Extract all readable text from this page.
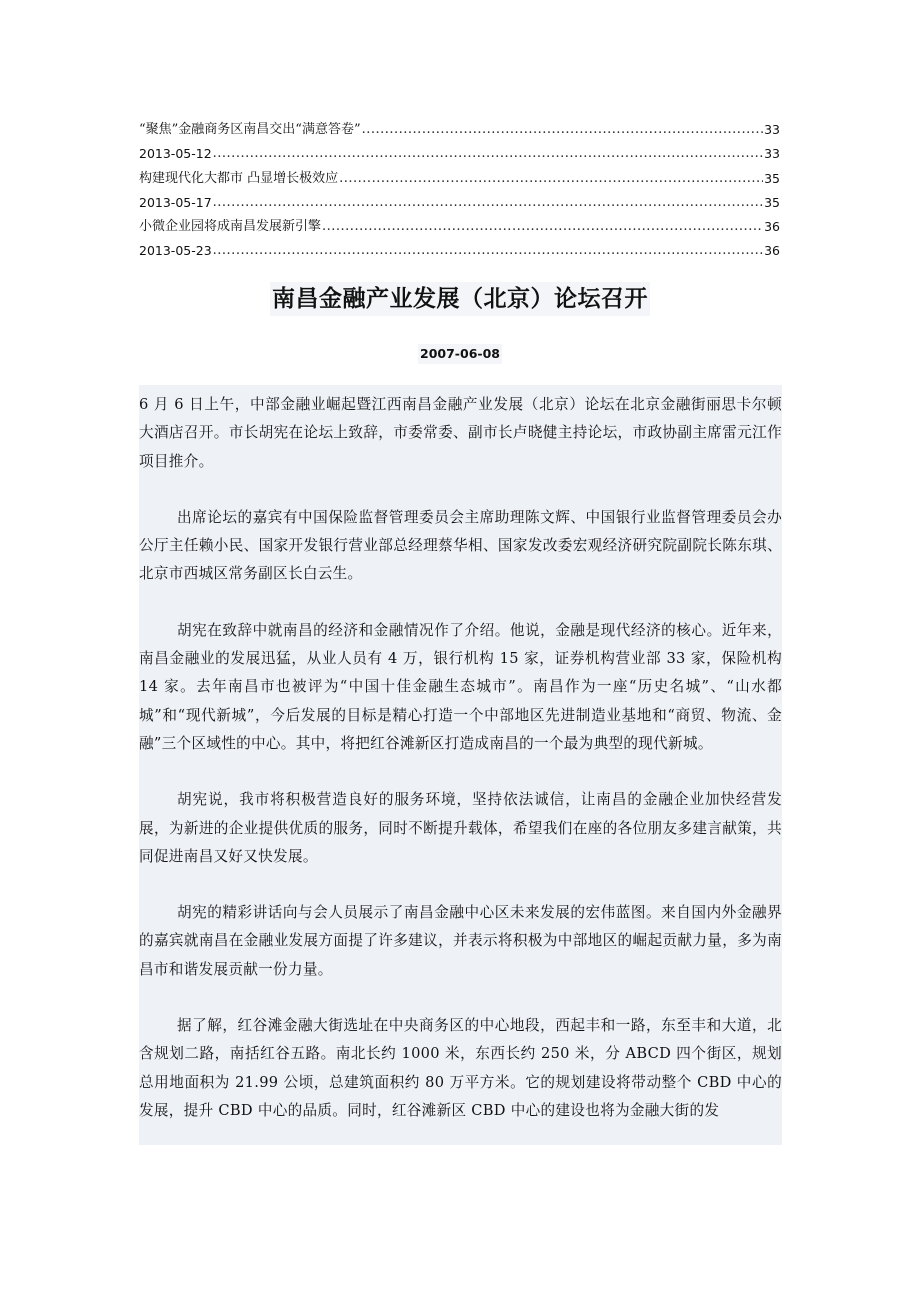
“聚焦”金融商务区南昌交出“满意答卷” .....	33
2013-05-12 .....	33
构建现代化大都市 凸显增长极效应 .....	35
2013-05-17 .....	35
小微企业园将成南昌发展新引擎 .....	36
2013-05-23 .....	36
南昌金融产业发展（北京）论坛召开
2007-06-08

6 月 6 日上午，中部金融业崛起暨江西南昌金融产业发展（北京）论坛在北京金融街丽思卡尔顿大酒店召开。市长胡宪在论坛上致辞，市委常委、副市长卢晓健主持论坛，市政协副主席雷元江作项目推介。

出席论坛的嘉宾有中国保险监督管理委员会主席助理陈文辉、中国银行业监督管理委员会办公厅主任赖小民、国家开发银行营业部总经理蔡华相、国家发改委宏观经济研究院副院长陈东琪、北京市西城区常务副区长白云生。

胡宪在致辞中就南昌的经济和金融情况作了介绍。他说，金融是现代经济的核心。近年来，南昌金融业的发展迅猛，从业人员有 4 万，银行机构 15 家，证券机构营业部 33 家，保险机构 14 家。去年南昌市也被评为“中国十佳金融生态城市”。南昌作为一座“历史名城”、“山水都城”和“现代新城”，今后发展的目标是精心打造一个中部地区先进制造业基地和“商贸、物流、金融”三个区域性的中心。其中，将把红谷滩新区打造成南昌的一个最为典型的现代新城。

胡宪说，我市将积极营造良好的服务环境，坚持依法诚信，让南昌的金融企业加快经营发展，为新进的企业提供优质的服务，同时不断提升载体，希望我们在座的各位朋友多建言献策，共同促进南昌又好又快发展。

胡宪的精彩讲话向与会人员展示了南昌金融中心区未来发展的宏伟蓝图。来自国内外金融界的嘉宾就南昌在金融业发展方面提了许多建议，并表示将积极为中部地区的崛起贡献力量，多为南昌市和谐发展贡献一份力量。

据了解，红谷滩金融大街选址在中央商务区的中心地段，西起丰和一路，东至丰和大道，北含规划二路，南括红谷五路。南北长约 1000 米，东西长约 250 米，分 ABCD 四个街区，规划总用地面积为 21.99 公顷，总建筑面积约 80 万平方米。它的规划建设将带动整个 CBD 中心的发展，提升 CBD 中心的品质。同时，红谷滩新区 CBD 中心的建设也将为金融大街的发
